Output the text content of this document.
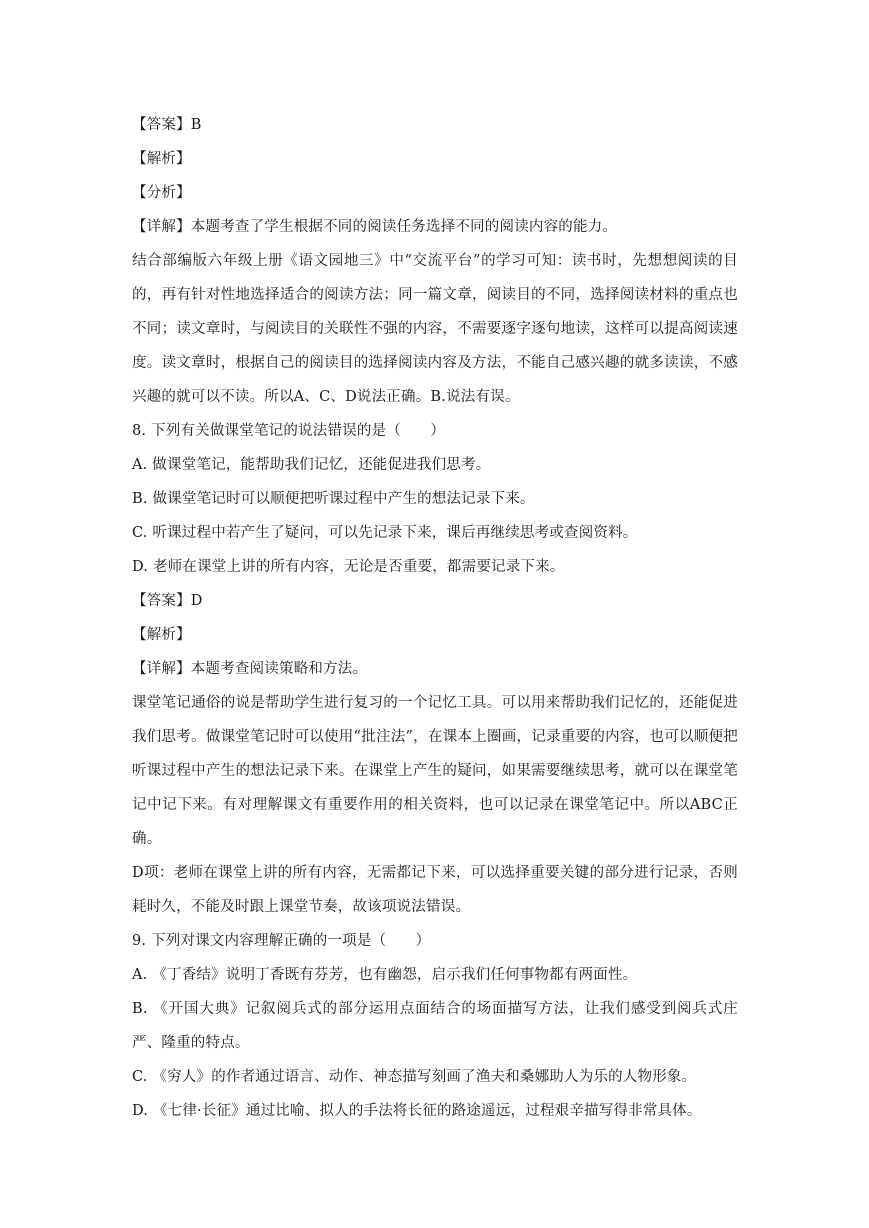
【答案】B
【解析】
【分析】
【详解】本题考查了学生根据不同的阅读任务选择不同的阅读内容的能力。
结合部编版六年级上册《语文园地三》中“交流平台”的学习可知：读书时，先想想阅读的目的，再有针对性地选择适合的阅读方法；同一篇文章，阅读目的不同，选择阅读材料的重点也不同；读文章时，与阅读目的关联性不强的内容，不需要逐字逐句地读，这样可以提高阅读速度。读文章时，根据自己的阅读目的选择阅读内容及方法，不能自己感兴趣的就多读读，不感兴趣的就可以不读。所以A、C、D说法正确。B.说法有误。
8. 下列有关做课堂笔记的说法错误的是（　　）
A. 做课堂笔记，能帮助我们记忆，还能促进我们思考。
B. 做课堂笔记时可以顺便把听课过程中产生的想法记录下来。
C. 听课过程中若产生了疑问，可以先记录下来，课后再继续思考或查阅资料。
D. 老师在课堂上讲的所有内容，无论是否重要，都需要记录下来。
【答案】D
【解析】
【详解】本题考查阅读策略和方法。
课堂笔记通俗的说是帮助学生进行复习的一个记忆工具。可以用来帮助我们记忆的，还能促进我们思考。做课堂笔记时可以使用“批注法”，在课本上圈画，记录重要的内容，也可以顺便把听课过程中产生的想法记录下来。在课堂上产生的疑问，如果需要继续思考，就可以在课堂笔记中记下来。有对理解课文有重要作用的相关资料，也可以记录在课堂笔记中。所以ABC正确。
D项：老师在课堂上讲的所有内容，无需都记下来，可以选择重要关键的部分进行记录，否则耗时久，不能及时跟上课堂节奏，故该项说法错误。
9. 下列对课文内容理解正确的一项是（　　）
A. 《丁香结》说明丁香既有芬芳，也有幽怨，启示我们任何事物都有两面性。
B. 《开国大典》记叙阅兵式的部分运用点面结合的场面描写方法，让我们感受到阅兵式庄严、隆重的特点。
C. 《穷人》的作者通过语言、动作、神态描写刻画了渔夫和桑娜助人为乐的人物形象。
D. 《七律·长征》通过比喻、拟人的手法将长征的路途遥远，过程艰辛描写得非常具体。
